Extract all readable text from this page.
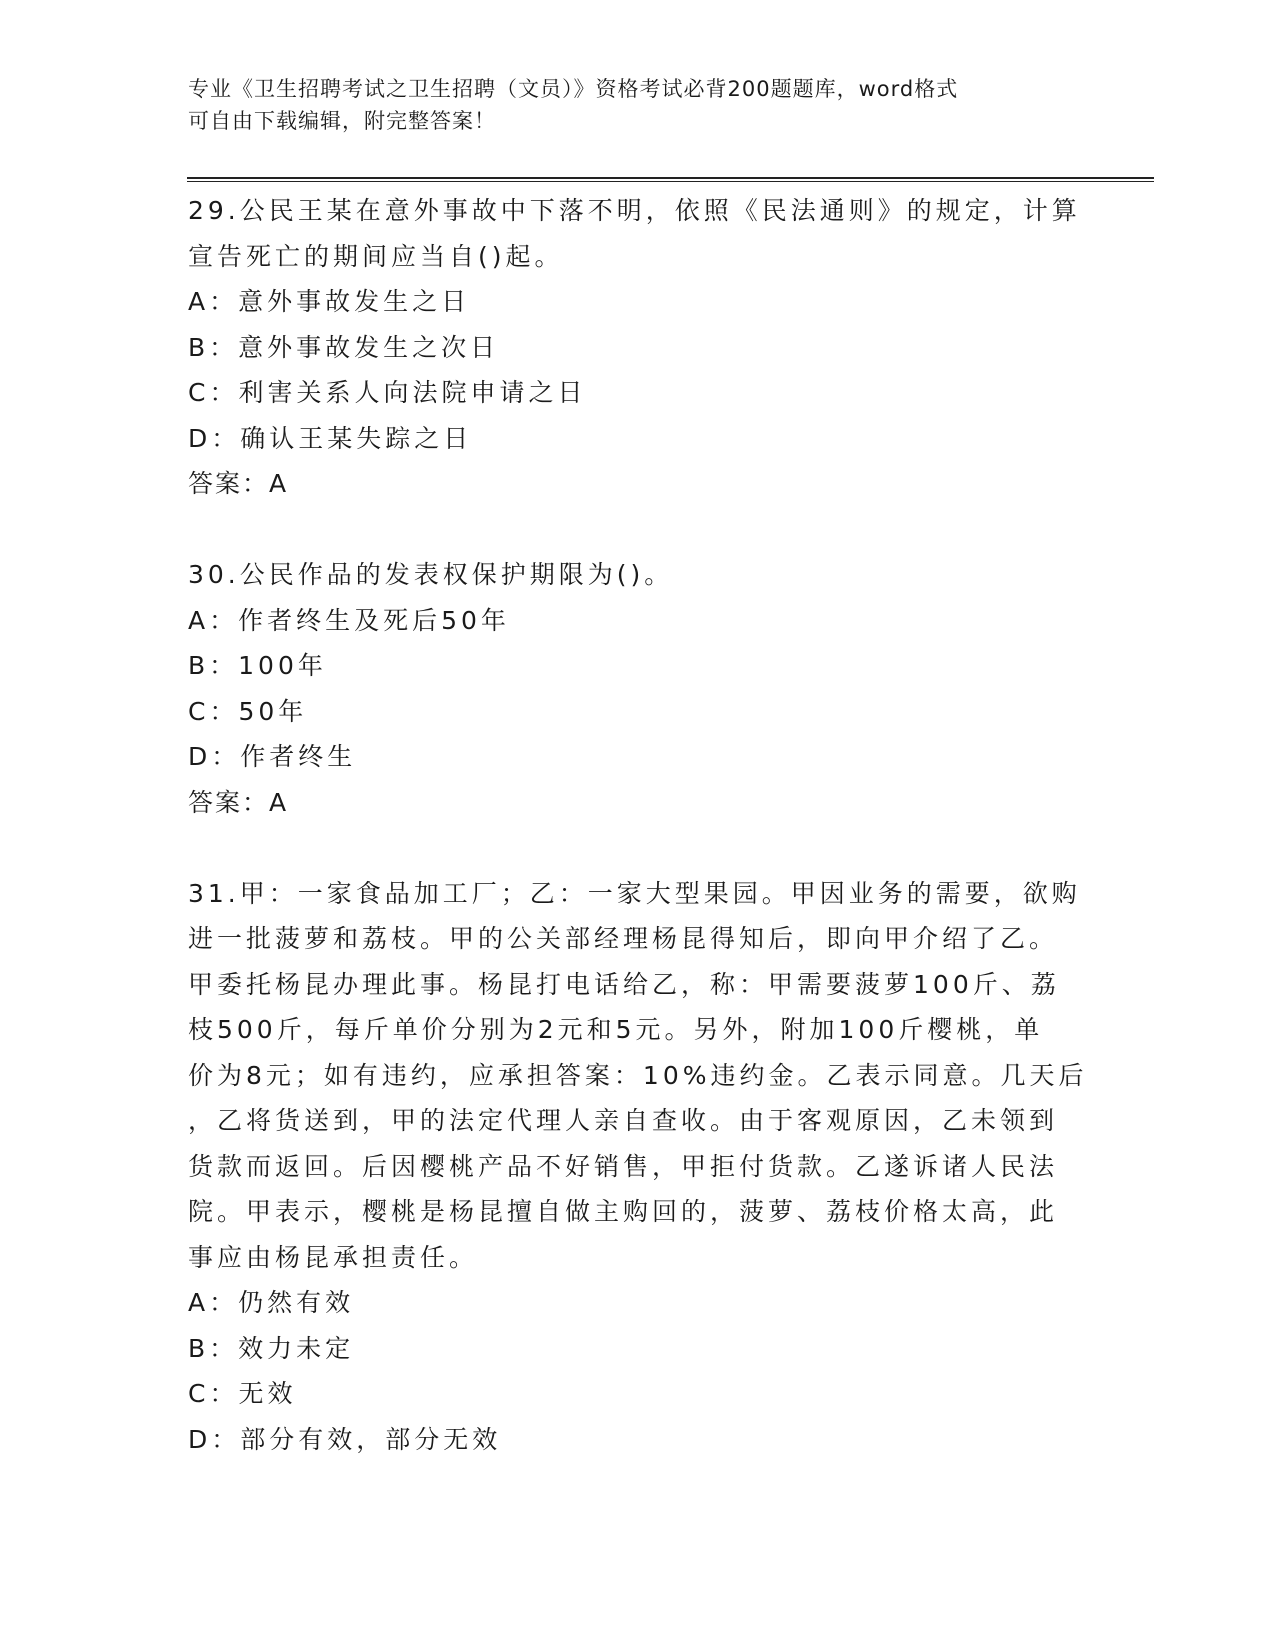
专业《卫生招聘考试之卫生招聘（文员）》资格考试必背200题题库，word格式
可自由下载编辑，附完整答案！
29.公民王某在意外事故中下落不明，依照《民法通则》的规定，计算
宣告死亡的期间应当自()起。
A：意外事故发生之日
B：意外事故发生之次日
C：利害关系人向法院申请之日
D：确认王某失踪之日
答案：A
30.公民作品的发表权保护期限为()。
A：作者终生及死后50年
B：100年
C：50年
D：作者终生
答案：A
31.甲：一家食品加工厂；乙：一家大型果园。甲因业务的需要，欲购
进一批菠萝和荔枝。甲的公关部经理杨昆得知后，即向甲介绍了乙。
甲委托杨昆办理此事。杨昆打电话给乙，称：甲需要菠萝100斤、荔
枝500斤，每斤单价分别为2元和5元。另外，附加100斤樱桃，单
价为8元；如有违约，应承担答案：10%违约金。乙表示同意。几天后
，乙将货送到，甲的法定代理人亲自查收。由于客观原因，乙未领到
货款而返回。后因樱桃产品不好销售，甲拒付货款。乙遂诉诸人民法
院。甲表示，樱桃是杨昆擅自做主购回的，菠萝、荔枝价格太高，此
事应由杨昆承担责任。
A：仍然有效
B：效力未定
C：无效
D：部分有效，部分无效
